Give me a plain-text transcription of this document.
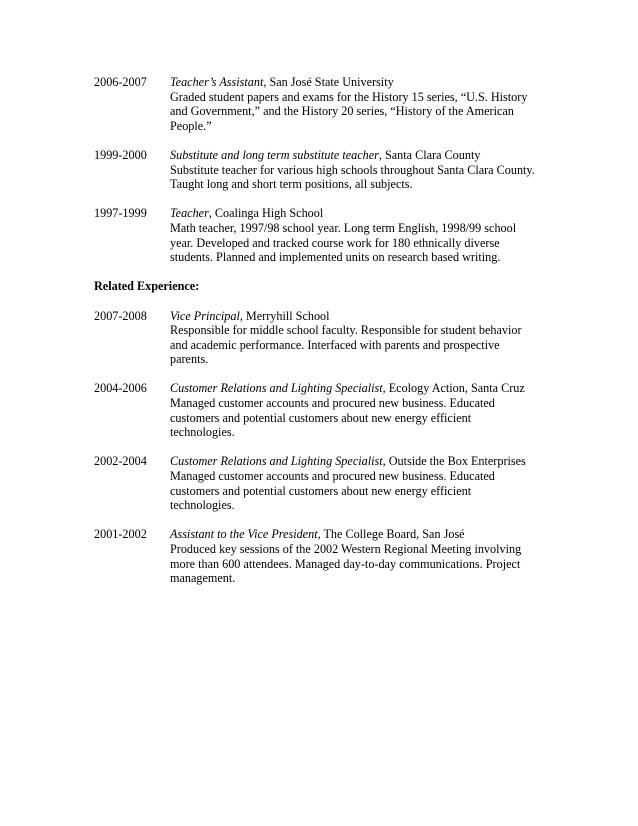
2006-2007	Teacher’s Assistant, San José State University
Graded student papers and exams for the History 15 series, “U.S. History
and Government,” and the History 20 series, “History of the American
People.”
1999-2000	Substitute and long term substitute teacher, Santa Clara County
Substitute teacher for various high schools throughout Santa Clara County.
Taught long and short term positions, all subjects.
1997-1999	Teacher, Coalinga High School
Math teacher, 1997/98 school year. Long term English, 1998/99 school
year. Developed and tracked course work for 180 ethnically diverse
students. Planned and implemented units on research based writing.
Related Experience:
2007-2008	Vice Principal, Merryhill School
Responsible for middle school faculty. Responsible for student behavior
and academic performance. Interfaced with parents and prospective
parents.
2004-2006	Customer Relations and Lighting Specialist, Ecology Action, Santa Cruz
Managed customer accounts and procured new business. Educated
customers and potential customers about new energy efficient
technologies.
2002-2004	Customer Relations and Lighting Specialist, Outside the Box Enterprises
Managed customer accounts and procured new business. Educated
customers and potential customers about new energy efficient
technologies.
2001-2002	Assistant to the Vice President, The College Board, San José
Produced key sessions of the 2002 Western Regional Meeting involving
more than 600 attendees. Managed day-to-day communications. Project
management.
